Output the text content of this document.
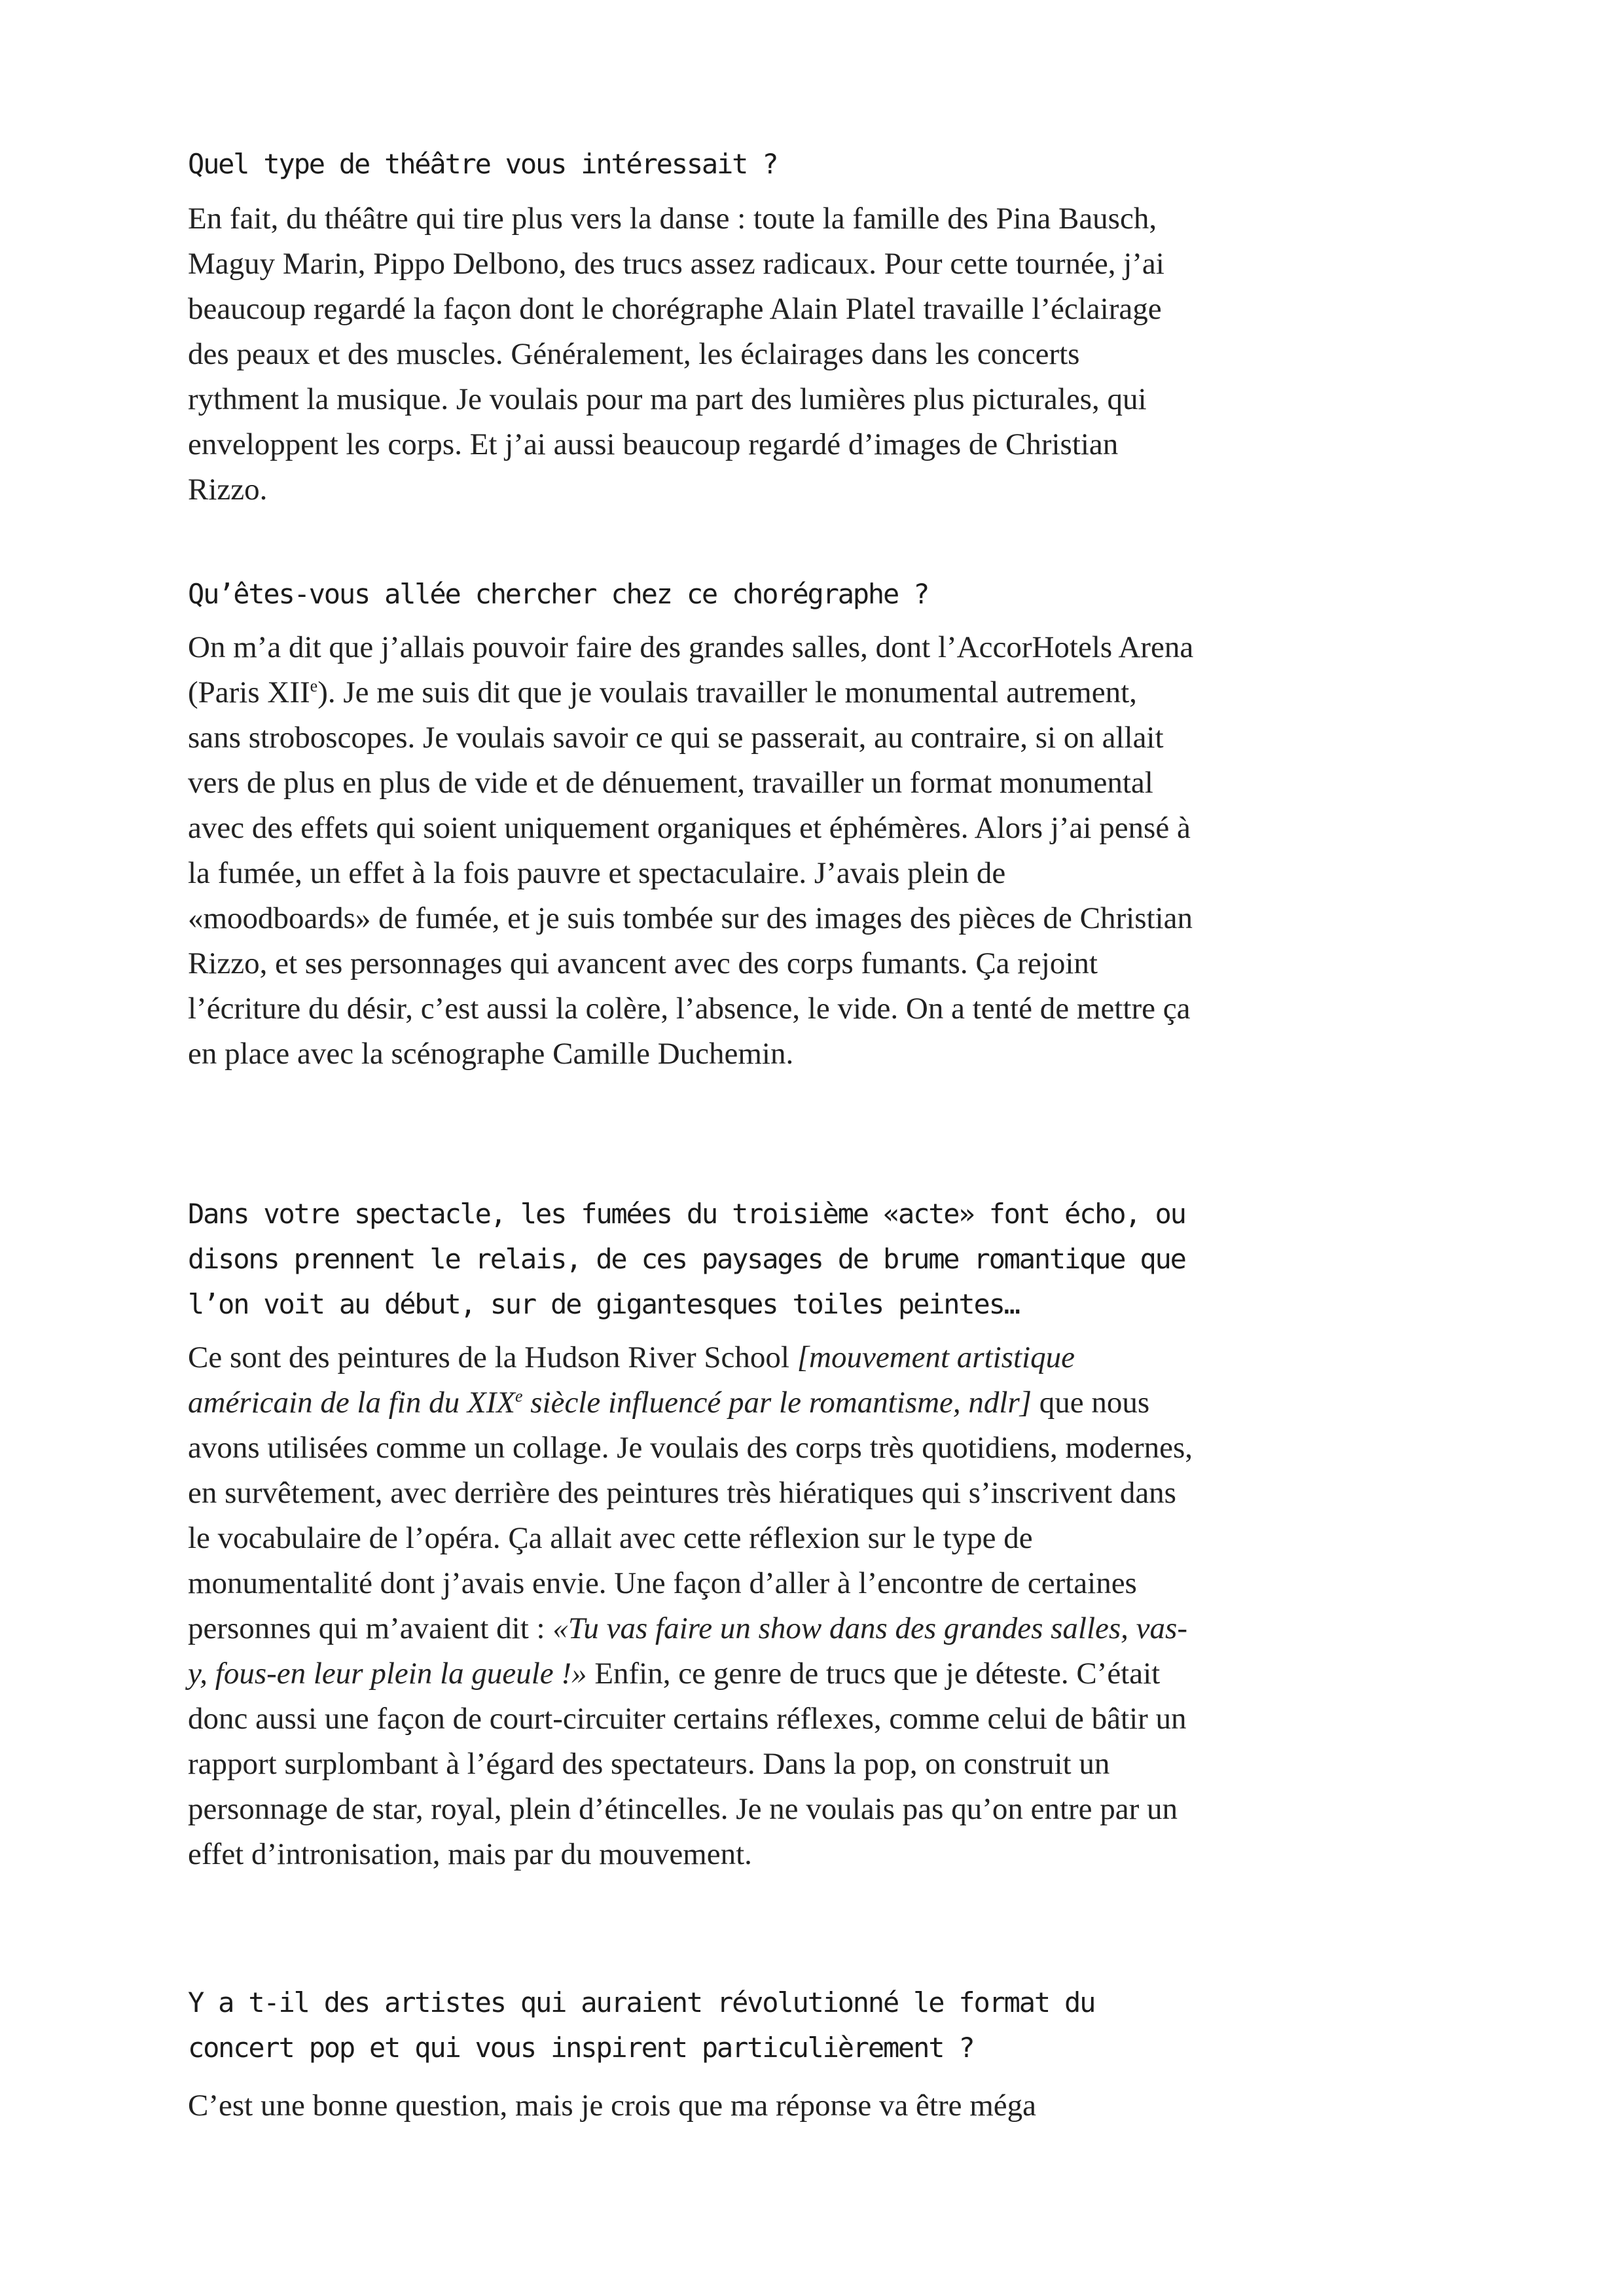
Quel type de théâtre vous intéressait ?

En fait, du théâtre qui tire plus vers la danse : toute la famille des Pina Bausch, Maguy Marin, Pippo Delbono, des trucs assez radicaux. Pour cette tournée, j’ai beaucoup regardé la façon dont le chorégraphe Alain Platel travaille l’éclairage des peaux et des muscles. Généralement, les éclairages dans les concerts rythment la musique. Je voulais pour ma part des lumières plus picturales, qui enveloppent les corps. Et j’ai aussi beaucoup regardé d’images de Christian Rizzo.

Qu’êtes-vous allée chercher chez ce chorégraphe ?

On m’a dit que j’allais pouvoir faire des grandes salles, dont l’AccorHotels Arena (Paris XIIe). Je me suis dit que je voulais travailler le monumental autrement, sans stroboscopes. Je voulais savoir ce qui se passerait, au contraire, si on allait vers de plus en plus de vide et de dénuement, travailler un format monumental avec des effets qui soient uniquement organiques et éphémères. Alors j’ai pensé à la fumée, un effet à la fois pauvre et spectaculaire. J’avais plein de «moodboards» de fumée, et je suis tombée sur des images des pièces de Christian Rizzo, et ses personnages qui avancent avec des corps fumants. Ça rejoint l’écriture du désir, c’est aussi la colère, l’absence, le vide. On a tenté de mettre ça en place avec la scénographe Camille Duchemin.

Dans votre spectacle, les fumées du troisième «acte» font écho, ou disons prennent le relais, de ces paysages de brume romantique que l’on voit au début, sur de gigantesques toiles peintes…

Ce sont des peintures de la Hudson River School [mouvement artistique américain de la fin du XIXe siècle influencé par le romantisme, ndlr] que nous avons utilisées comme un collage. Je voulais des corps très quotidiens, modernes, en survêtement, avec derrière des peintures très hiératiques qui s’inscrivent dans le vocabulaire de l’opéra. Ça allait avec cette réflexion sur le type de monumentalité dont j’avais envie. Une façon d’aller à l’encontre de certaines personnes qui m’avaient dit : «Tu vas faire un show dans des grandes salles, vas-y, fous-en leur plein la gueule !» Enfin, ce genre de trucs que je déteste. C’était donc aussi une façon de court-circuiter certains réflexes, comme celui de bâtir un rapport surplombant à l’égard des spectateurs. Dans la pop, on construit un personnage de star, royal, plein d’étincelles. Je ne voulais pas qu’on entre par un effet d’intronisation, mais par du mouvement.

Y a t-il des artistes qui auraient révolutionné le format du concert pop et qui vous inspirent particulièrement ?

C’est une bonne question, mais je crois que ma réponse va être méga
